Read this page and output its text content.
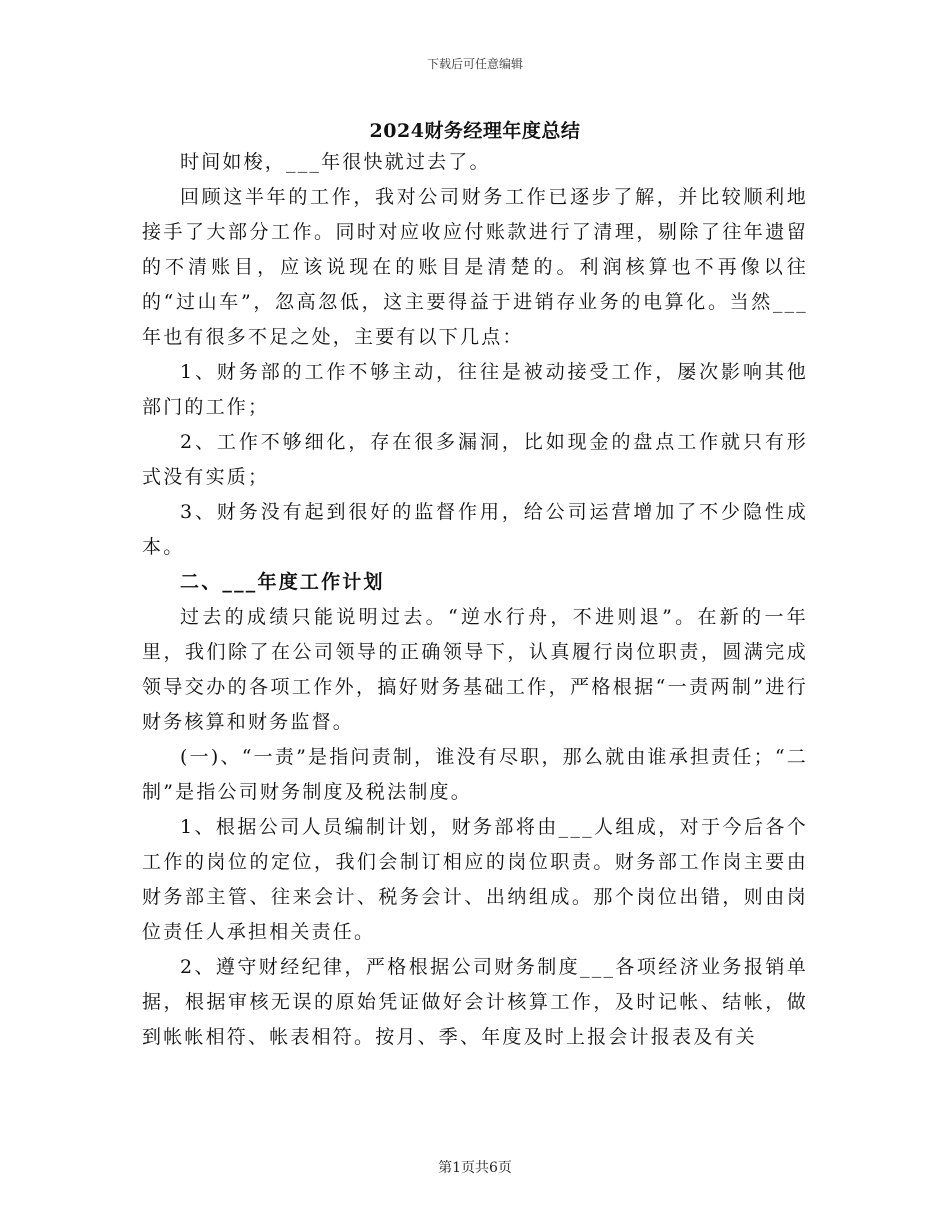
下载后可任意编辑
2024财务经理年度总结

时间如梭，___年很快就过去了。

回顾这半年的工作，我对公司财务工作已逐步了解，并比较顺利地接手了大部分工作。同时对应收应付账款进行了清理，剔除了往年遗留的不清账目，应该说现在的账目是清楚的。利润核算也不再像以往的“过山车”，忽高忽低，这主要得益于进销存业务的电算化。当然___年也有很多不足之处，主要有以下几点：

1、财务部的工作不够主动，往往是被动接受工作，屡次影响其他部门的工作；

2、工作不够细化，存在很多漏洞，比如现金的盘点工作就只有形式没有实质；

3、财务没有起到很好的监督作用，给公司运营增加了不少隐性成本。

二、___年度工作计划

过去的成绩只能说明过去。“逆水行舟，不进则退”。在新的一年里，我们除了在公司领导的正确领导下，认真履行岗位职责，圆满完成领导交办的各项工作外，搞好财务基础工作，严格根据“一责两制”进行财务核算和财务监督。

(一)、“一责”是指问责制，谁没有尽职，那么就由谁承担责任；“二制”是指公司财务制度及税法制度。

1、根据公司人员编制计划，财务部将由___人组成，对于今后各个工作的岗位的定位，我们会制订相应的岗位职责。财务部工作岗主要由财务部主管、往来会计、税务会计、出纳组成。那个岗位出错，则由岗位责任人承担相关责任。

2、遵守财经纪律，严格根据公司财务制度___各项经济业务报销单据，根据审核无误的原始凭证做好会计核算工作，及时记帐、结帐，做到帐帐相符、帐表相符。按月、季、年度及时上报会计报表及有关

第1页共6页
